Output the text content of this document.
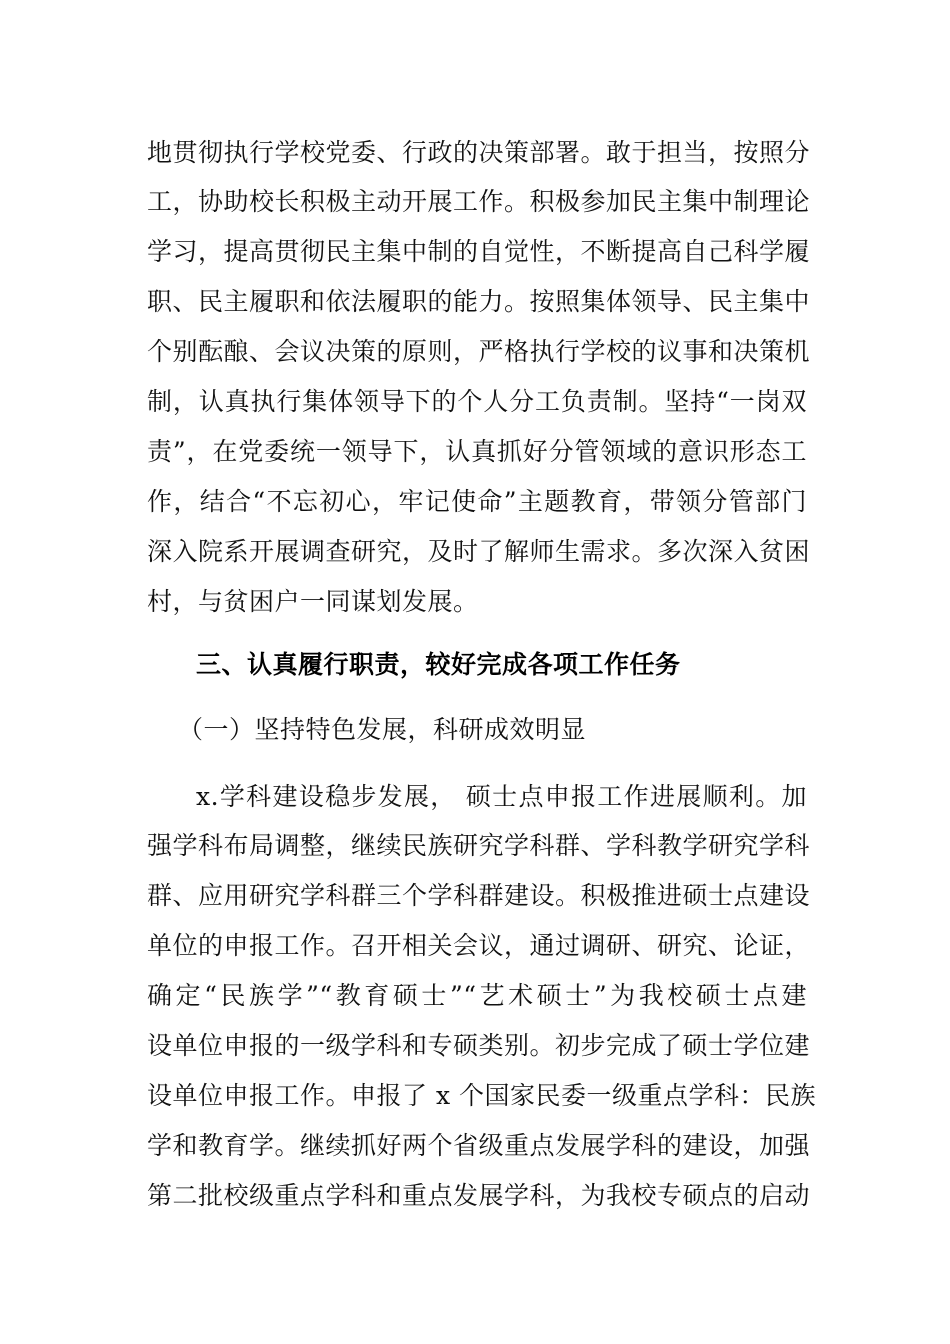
地贯彻执行学校党委、行政的决策部署。敢于担当，按照分
工，协助校长积极主动开展工作。积极参加民主集中制理论
学习，提高贯彻民主集中制的自觉性，不断提高自己科学履
职、民主履职和依法履职的能力。按照集体领导、民主集中
个别酝酿、会议决策的原则，严格执行学校的议事和决策机
制，认真执行集体领导下的个人分工负责制。坚持“一岗双
责”，在党委统一领导下，认真抓好分管领域的意识形态工
作，结合“不忘初心，牢记使命”主题教育，带领分管部门
深入院系开展调查研究，及时了解师生需求。多次深入贫困
村，与贫困户一同谋划发展。
三、认真履行职责，较好完成各项工作任务
（一）坚持特色发展，科研成效明显
x.学科建设稳步发展， 硕士点申报工作进展顺利。加
强学科布局调整，继续民族研究学科群、学科教学研究学科
群、应用研究学科群三个学科群建设。积极推进硕士点建设
单位的申报工作。召开相关会议，通过调研、研究、论证，
确定“民族学”“教育硕士”“艺术硕士”为我校硕士点建
设单位申报的一级学科和专硕类别。初步完成了硕士学位建
设单位申报工作。申报了 x 个国家民委一级重点学科：民族
学和教育学。继续抓好两个省级重点发展学科的建设，加强
第二批校级重点学科和重点发展学科，为我校专硕点的启动
